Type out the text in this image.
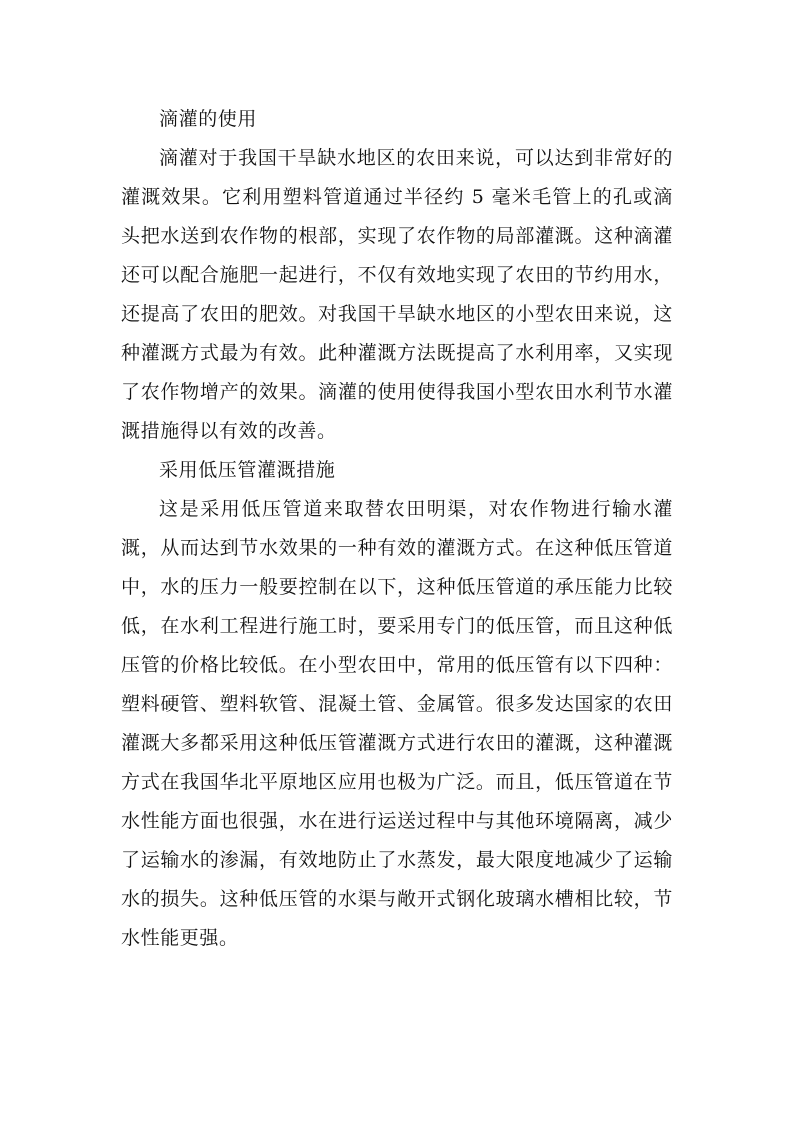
滴灌的使用

滴灌对于我国干旱缺水地区的农田来说，可以达到非常好的灌溉效果。它利用塑料管道通过半径约 5 毫米毛管上的孔或滴头把水送到农作物的根部，实现了农作物的局部灌溉。这种滴灌还可以配合施肥一起进行，不仅有效地实现了农田的节约用水，还提高了农田的肥效。对我国干旱缺水地区的小型农田来说，这种灌溉方式最为有效。此种灌溉方法既提高了水利用率，又实现了农作物增产的效果。滴灌的使用使得我国小型农田水利节水灌溉措施得以有效的改善。

采用低压管灌溉措施

这是采用低压管道来取替农田明渠，对农作物进行输水灌溉，从而达到节水效果的一种有效的灌溉方式。在这种低压管道中，水的压力一般要控制在以下，这种低压管道的承压能力比较低，在水利工程进行施工时，要采用专门的低压管，而且这种低压管的价格比较低。在小型农田中，常用的低压管有以下四种：塑料硬管、塑料软管、混凝土管、金属管。很多发达国家的农田灌溉大多都采用这种低压管灌溉方式进行农田的灌溉，这种灌溉方式在我国华北平原地区应用也极为广泛。而且，低压管道在节水性能方面也很强，水在进行运送过程中与其他环境隔离，减少了运输水的渗漏，有效地防止了水蒸发，最大限度地减少了运输水的损失。这种低压管的水渠与敞开式钢化玻璃水槽相比较，节水性能更强。
